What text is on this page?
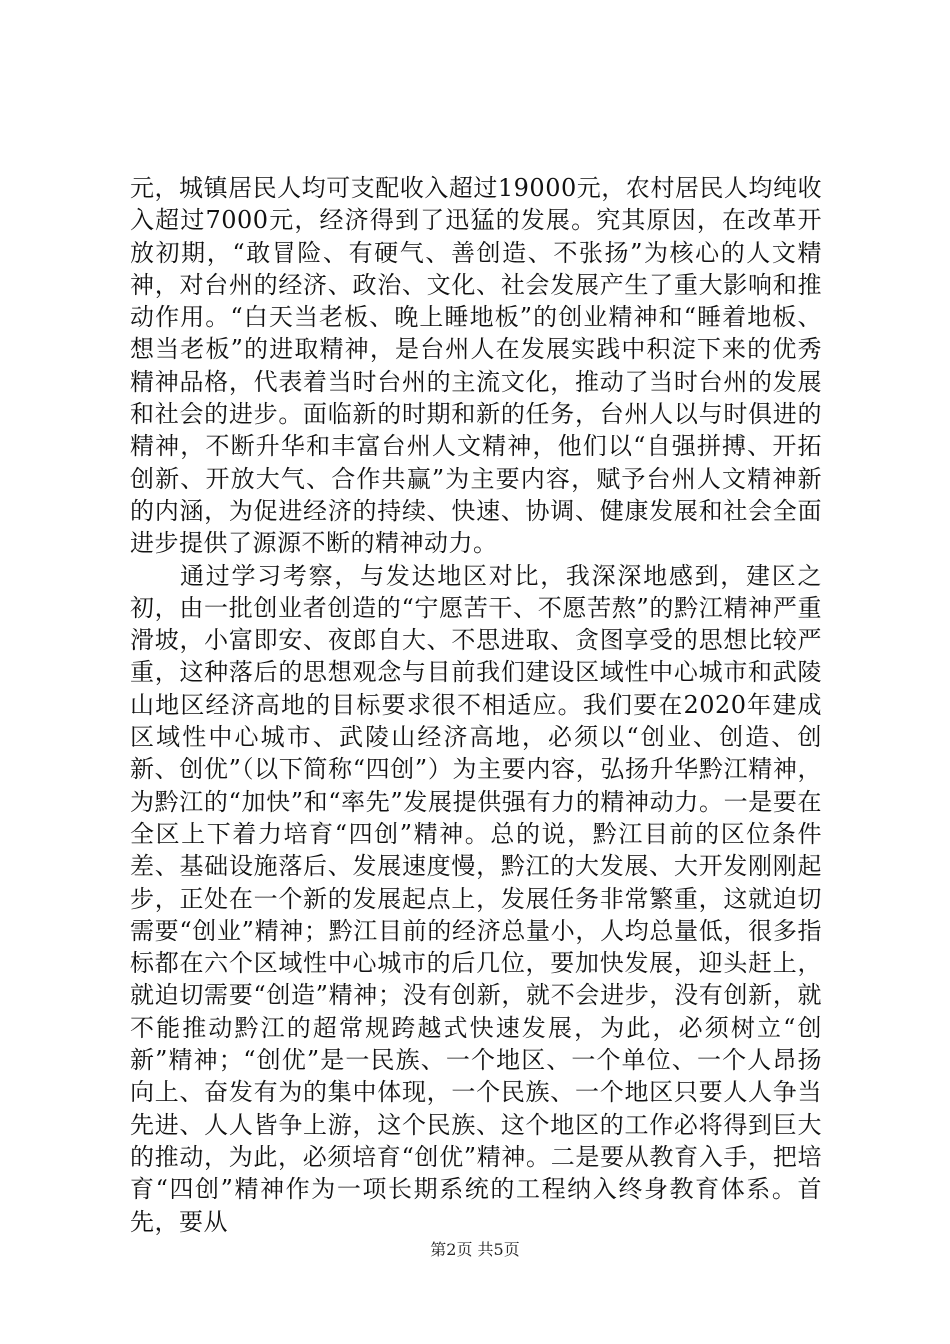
元，城镇居民人均可支配收入超过19000元，农村居民人均纯收入超过7000元，经济得到了迅猛的发展。究其原因，在改革开放初期，“敢冒险、有硬气、善创造、不张扬”为核心的人文精神，对台州的经济、政治、文化、社会发展产生了重大影响和推动作用。“白天当老板、晚上睡地板”的创业精神和“睡着地板、想当老板”的进取精神，是台州人在发展实践中积淀下来的优秀精神品格，代表着当时台州的主流文化，推动了当时台州的发展和社会的进步。面临新的时期和新的任务，台州人以与时俱进的精神，不断升华和丰富台州人文精神，他们以“自强拼搏、开拓创新、开放大气、合作共赢”为主要内容，赋予台州人文精神新的内涵，为促进经济的持续、快速、协调、健康发展和社会全面进步提供了源源不断的精神动力。

通过学习考察，与发达地区对比，我深深地感到，建区之初，由一批创业者创造的“宁愿苦干、不愿苦熬”的黔江精神严重滑坡，小富即安、夜郎自大、不思进取、贪图享受的思想比较严重，这种落后的思想观念与目前我们建设区域性中心城市和武陵山地区经济高地的目标要求很不相适应。我们要在2020年建成区域性中心城市、武陵山经济高地，必须以“创业、创造、创新、创优”（以下简称“四创”）为主要内容，弘扬升华黔江精神，为黔江的“加快”和“率先”发展提供强有力的精神动力。一是要在全区上下着力培育“四创”精神。总的说，黔江目前的区位条件差、基础设施落后、发展速度慢，黔江的大发展、大开发刚刚起步，正处在一个新的发展起点上，发展任务非常繁重，这就迫切需要“创业”精神；黔江目前的经济总量小，人均总量低，很多指标都在六个区域性中心城市的后几位，要加快发展，迎头赶上，就迫切需要“创造”精神；没有创新，就不会进步，没有创新，就不能推动黔江的超常规跨越式快速发展，为此，必须树立“创新”精神；“创优”是一民族、一个地区、一个单位、一个人昂扬向上、奋发有为的集中体现，一个民族、一个地区只要人人争当先进、人人皆争上游，这个民族、这个地区的工作必将得到巨大的推动，为此，必须培育“创优”精神。二是要从教育入手，把培育“四创”精神作为一项长期系统的工程纳入终身教育体系。首先，要从

第2页 共5页
